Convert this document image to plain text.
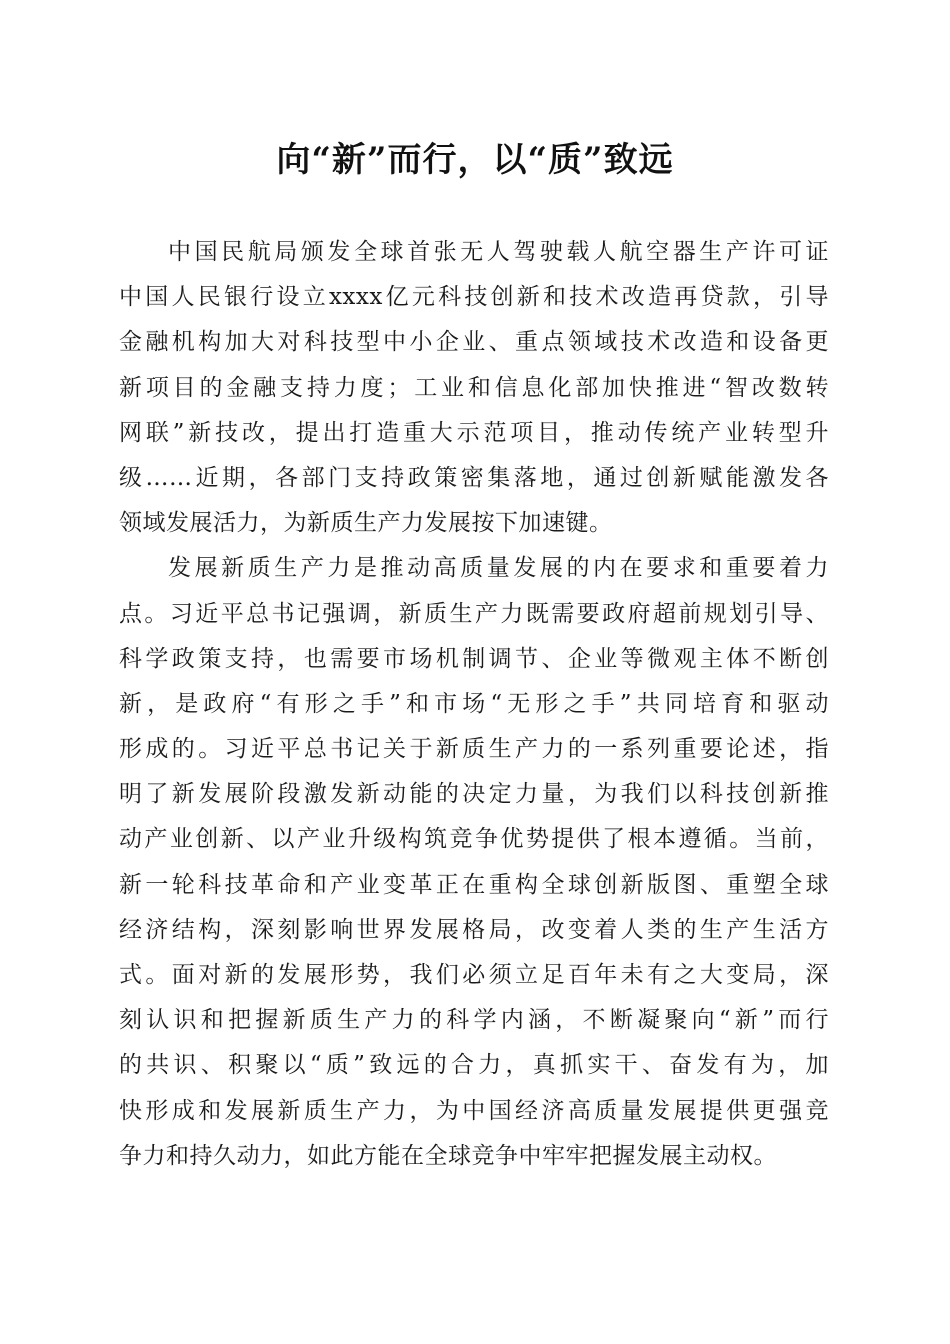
向“新”而行，以“质”致远
中国民航局颁发全球首张无人驾驶载人航空器生产许可证
中国人民银行设立xxxx亿元科技创新和技术改造再贷款，引导
金融机构加大对科技型中小企业、重点领域技术改造和设备更
新项目的金融支持力度；工业和信息化部加快推进“智改数转
网联”新技改，提出打造重大示范项目，推动传统产业转型升
级……近期，各部门支持政策密集落地，通过创新赋能激发各
领域发展活力，为新质生产力发展按下加速键。
发展新质生产力是推动高质量发展的内在要求和重要着力
点。习近平总书记强调，新质生产力既需要政府超前规划引导、
科学政策支持，也需要市场机制调节、企业等微观主体不断创
新，是政府“有形之手”和市场“无形之手”共同培育和驱动
形成的。习近平总书记关于新质生产力的一系列重要论述，指
明了新发展阶段激发新动能的决定力量，为我们以科技创新推
动产业创新、以产业升级构筑竞争优势提供了根本遵循。当前，
新一轮科技革命和产业变革正在重构全球创新版图、重塑全球
经济结构，深刻影响世界发展格局，改变着人类的生产生活方
式。面对新的发展形势，我们必须立足百年未有之大变局，深
刻认识和把握新质生产力的科学内涵，不断凝聚向“新”而行
的共识、积聚以“质”致远的合力，真抓实干、奋发有为，加
快形成和发展新质生产力，为中国经济高质量发展提供更强竞
争力和持久动力，如此方能在全球竞争中牢牢把握发展主动权。
